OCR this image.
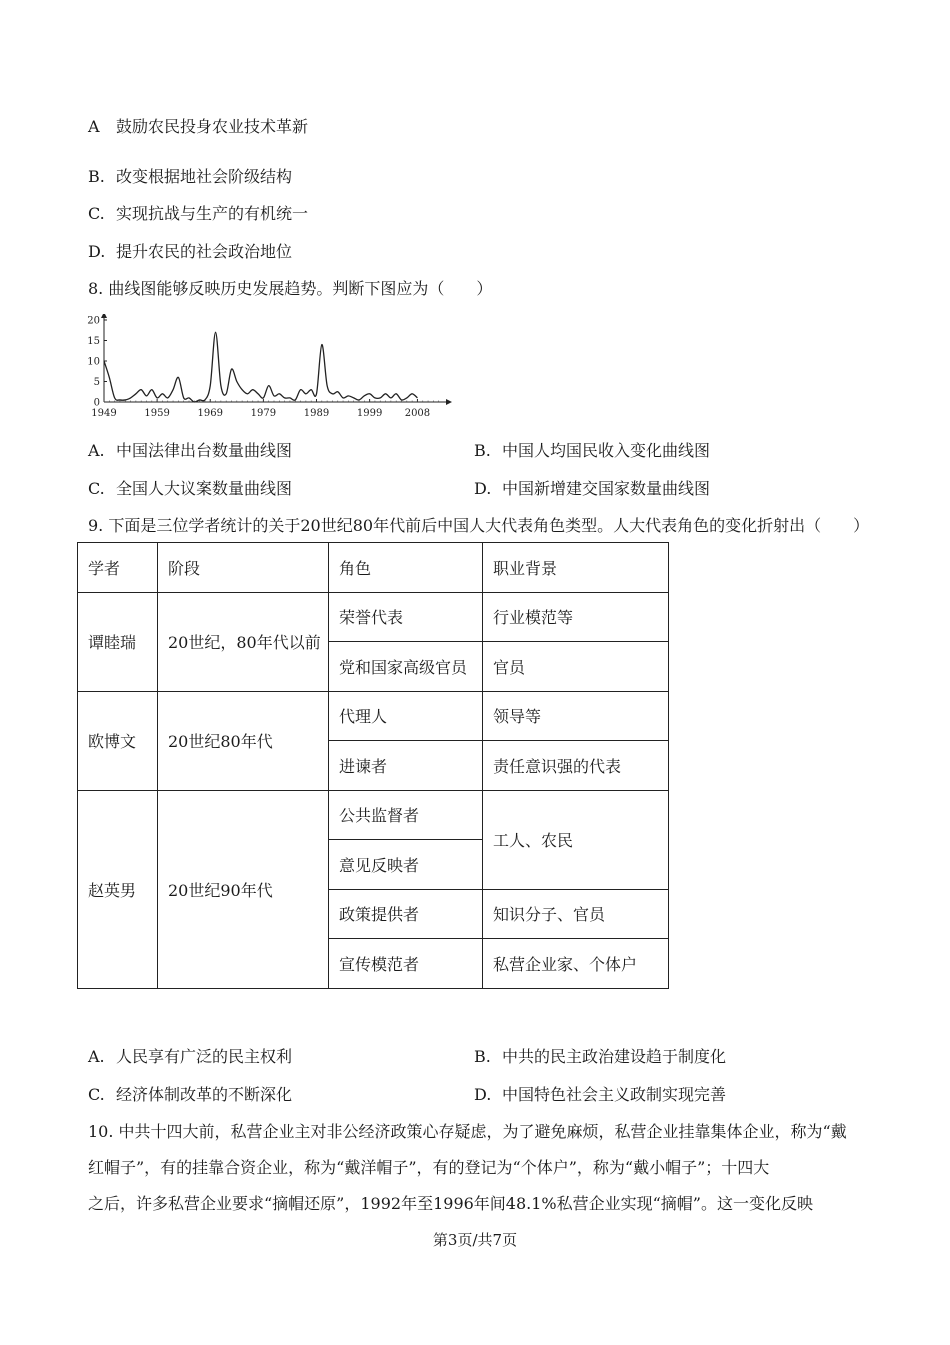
A 鼓励农民投身农业技术革新
B. 改变根据地社会阶级结构
C. 实现抗战与生产的有机统一
D. 提升农民的社会政治地位
8. 曲线图能够反映历史发展趋势。判断下图应为（　　）
0
5
10
15
20
1949	1959	1969	1979	1989	1999 2008
A. 中国法律出台数量曲线图	B. 中国人均国民收入变化曲线图
C. 全国人大议案数量曲线图	D. 中国新增建交国家数量曲线图
9. 下面是三位学者统计的关于20世纪80年代前后中国人大代表角色类型。人大代表角色的变化折射出（　　）
学者	阶段	角色	职业背景
谭睦瑞	20世纪，80年代以前	荣誉代表	行业模范等
		党和国家高级官员	官员
欧博文	20世纪80年代	代理人	领导等
		进谏者	责任意识强的代表
赵英男	20世纪90年代	公共监督者	工人、农民
		意见反映者	
		政策提供者	知识分子、官员
		宣传模范者	私营企业家、个体户
A. 人民享有广泛的民主权利	B. 中共的民主政治建设趋于制度化
C. 经济体制改革的不断深化	D. 中国特色社会主义政制实现完善
10. 中共十四大前，私营企业主对非公经济政策心存疑虑，为了避免麻烦，私营企业挂靠集体企业，称为“戴
红帽子”，有的挂靠合资企业，称为“戴洋帽子”，有的登记为“个体户”，称为“戴小帽子”；十四大
之后，许多私营企业要求“摘帽还原”，1992年至1996年间48.1%私营企业实现“摘帽”。这一变化反映
第3页/共7页
